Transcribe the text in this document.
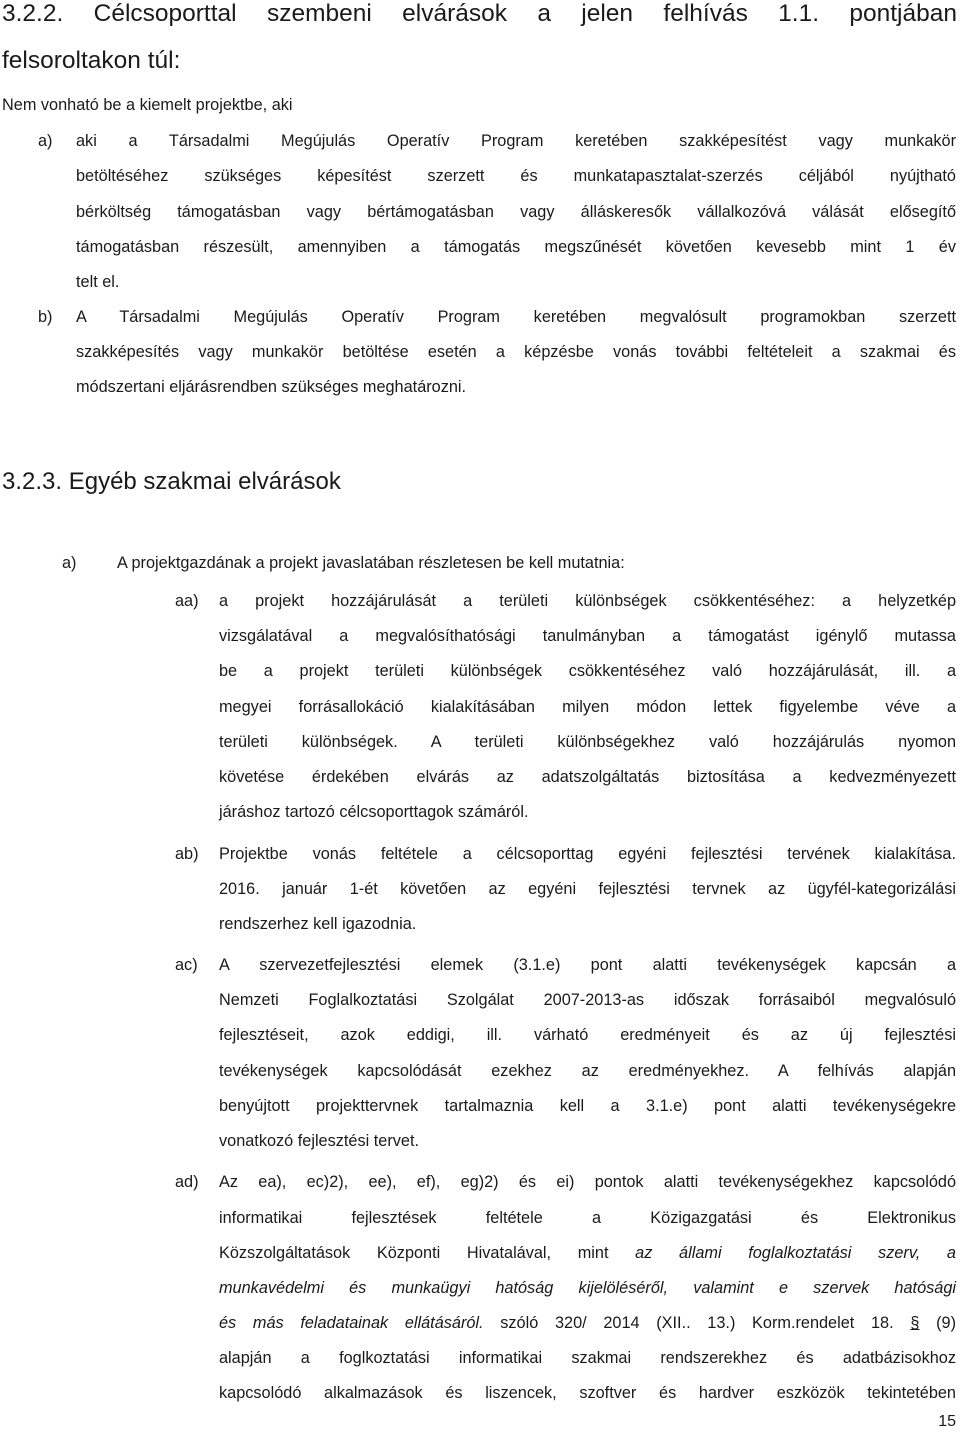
3.2.2. Célcsoporttal szembeni elvárások a jelen felhívás 1.1. pontjában
felsoroltakon túl:
Nem vonható be a kiemelt projektbe, aki
a) aki a Társadalmi Megújulás Operatív Program keretében szakképesítést vagy munkakör
betöltéséhez szükséges képesítést szerzett és munkatapasztalat-szerzés céljából nyújtható
bérköltség támogatásban vagy bértámogatásban vagy álláskeresők vállalkozóvá válását elősegítő
támogatásban részesült, amennyiben a támogatás megszűnését követően kevesebb mint 1 év
telt el.
b) A Társadalmi Megújulás Operatív Program keretében megvalósult programokban szerzett
szakképesítés vagy munkakör betöltése esetén a képzésbe vonás további feltételeit a szakmai és
módszertani eljárásrendben szükséges meghatározni.
3.2.3. Egyéb szakmai elvárások
a) A projektgazdának a projekt javaslatában részletesen be kell mutatnia:
aa) a projekt hozzájárulását a területi különbségek csökkentéséhez: a helyzetkép
vizsgálatával a megvalósíthatósági tanulmányban a támogatást igénylő mutassa
be a projekt területi különbségek csökkentéséhez való hozzájárulását, ill. a
megyei forrásallokáció kialakításában milyen módon lettek figyelembe véve a
területi különbségek. A területi különbségekhez való hozzájárulás nyomon
követése érdekében elvárás az adatszolgáltatás biztosítása a kedvezményezett
járáshoz tartozó célcsoporttagok számáról.
ab) Projektbe vonás feltétele a célcsoporttag egyéni fejlesztési tervének kialakítása.
2016. január 1-ét követően az egyéni fejlesztési tervnek az ügyfél-kategorizálási
rendszerhez kell igazodnia.
ac) A szervezetfejlesztési elemek (3.1.e) pont alatti tevékenységek kapcsán a
Nemzeti Foglalkoztatási Szolgálat 2007-2013-as időszak forrásaiból megvalósuló
fejlesztéseit, azok eddigi, ill. várható eredményeit és az új fejlesztési
tevékenységek kapcsolódását ezekhez az eredményekhez. A felhívás alapján
benyújtott projekttervnek tartalmaznia kell a 3.1.e) pont alatti tevékenységekre
vonatkozó fejlesztési tervet.
ad) Az ea), ec)2), ee), ef), eg)2) és ei) pontok alatti tevékenységekhez kapcsolódó
informatikai fejlesztések feltétele a Közigazgatási és Elektronikus
Közszolgáltatások Központi Hivatalával, mint az állami foglalkoztatási szerv, a
munkavédelmi és munkaügyi hatóság kijelöléséről, valamint e szervek hatósági
és más feladatainak ellátásáról. szóló 320/ 2014 (XII.. 13.) Korm.rendelet 18. § (9)
alapján a foglkoztatási informatikai szakmai rendszerekhez és adatbázisokhoz
kapcsolódó alkalmazások és liszencek, szoftver és hardver eszközök tekintetében
15
